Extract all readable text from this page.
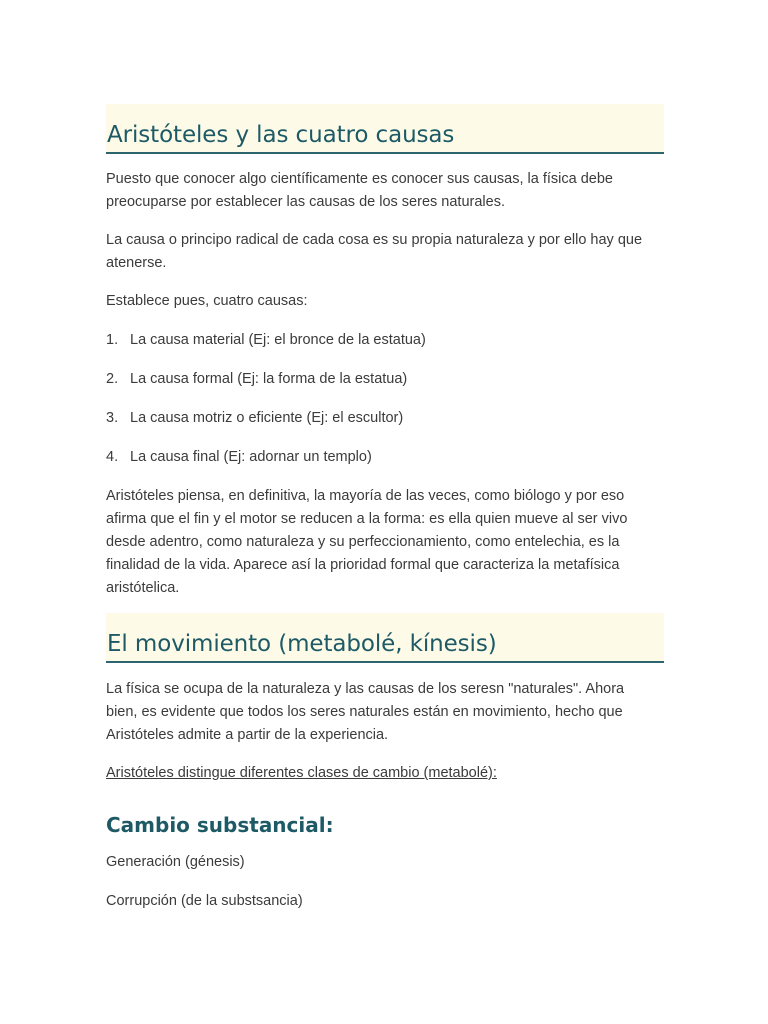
Aristóteles y las cuatro causas

Puesto que conocer algo científicamente es conocer sus causas, la física debe preocuparse por establecer las causas de los seres naturales.

La causa o principo radical de cada cosa es su propia naturaleza y por ello hay que atenerse.

Establece pues, cuatro causas:

1. La causa material (Ej: el bronce de la estatua)
2. La causa formal (Ej: la forma de la estatua)
3. La causa motriz o eficiente (Ej: el escultor)
4. La causa final (Ej: adornar un templo)

Aristóteles piensa, en definitiva, la mayoría de las veces, como biólogo y por eso afirma que el fin y el motor se reducen a la forma: es ella quien mueve al ser vivo desde adentro, como naturaleza y su perfeccionamiento, como entelechia, es la finalidad de la vida. Aparece así la prioridad formal que caracteriza la metafísica aristótelica.

El movimiento (metabolé, kínesis)

La física se ocupa de la naturaleza y las causas de los seresn "naturales". Ahora bien, es evidente que todos los seres naturales están en movimiento, hecho que Aristóteles admite a partir de la experiencia.

Aristóteles distingue diferentes clases de cambio (metabolé):

Cambio substancial:

Generación (génesis)

Corrupción (de la substsancia)
